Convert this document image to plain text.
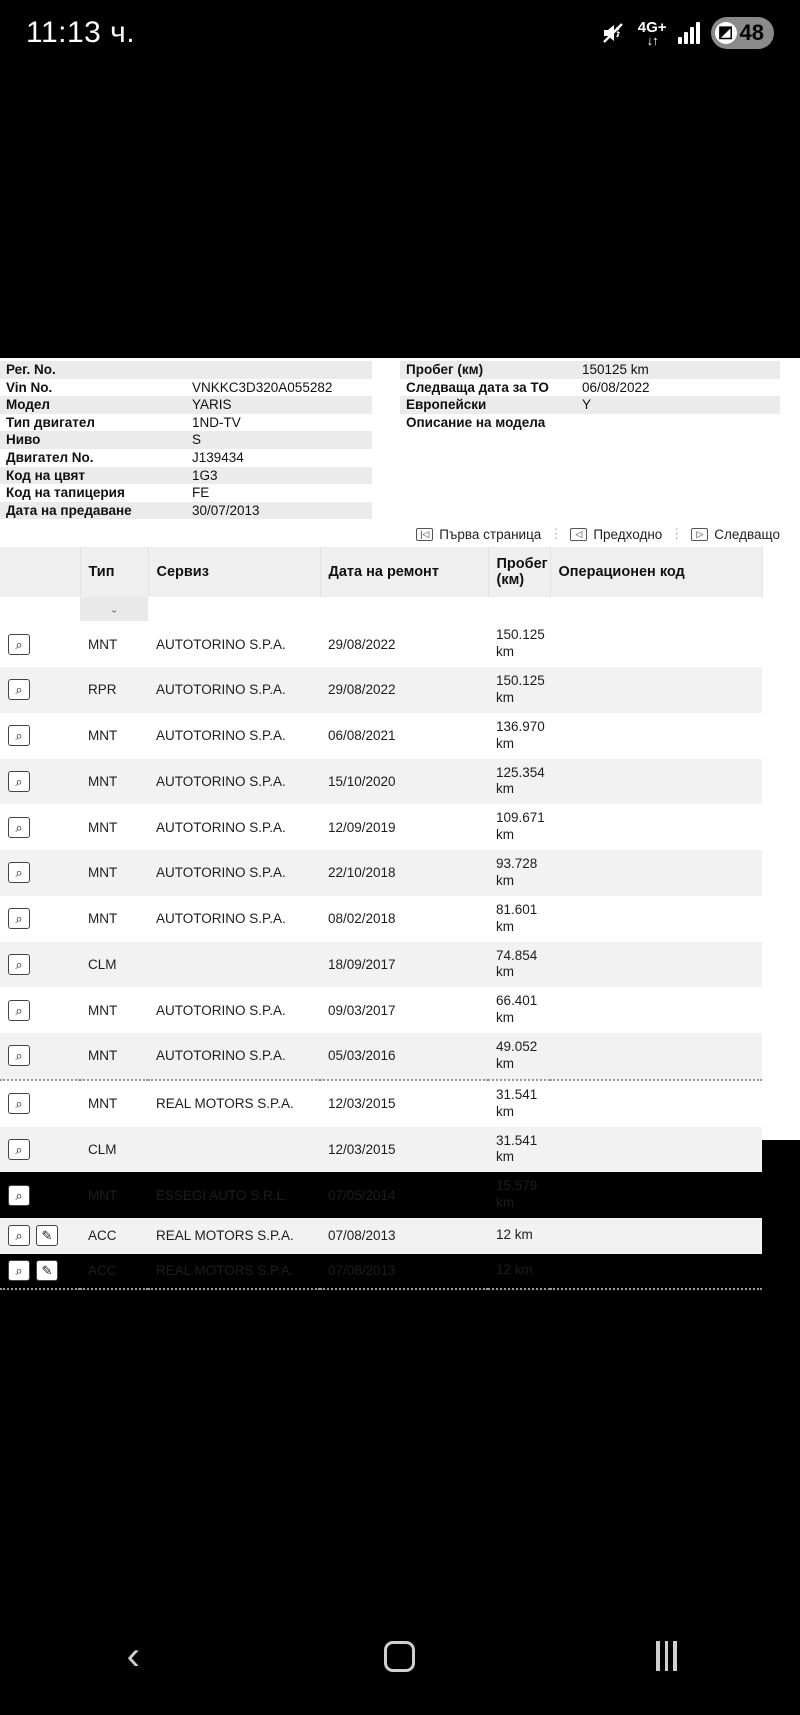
11:13 ч.	4G+
↓↑	◩ 48
Рег. No.
Vin No.	VNKKC3D320A055282
Модел	YARIS
Тип двигател	1ND-TV
Ниво	S
Двигател No.	J139434
Код на цвят	1G3
Код на тапицерия	FE
Дата на предаване	30/07/2013
Пробег (км)	150125 km
Следваща дата за ТО	06/08/2022
Европейски	Y
Описание на модела
|◁ Първа страница ⋮	◁ Предходно ⋮	▷ Следващо
	Тип	Сервиз	Дата на ремонт	Пробег (км)	Операционен код
	⌄				

⌕	MNT	AUTOTORINO S.P.A.	29/08/2022	150.125 km	

⌕	RPR	AUTOTORINO S.P.A.	29/08/2022	150.125 km	

⌕	MNT	AUTOTORINO S.P.A.	06/08/2021	136.970 km	

⌕	MNT	AUTOTORINO S.P.A.	15/10/2020	125.354 km	

⌕	MNT	AUTOTORINO S.P.A.	12/09/2019	109.671 km	

⌕	MNT	AUTOTORINO S.P.A.	22/10/2018	93.728 km	

⌕	MNT	AUTOTORINO S.P.A.	08/02/2018	81.601 km	

⌕	CLM		18/09/2017	74.854 km	

⌕	MNT	AUTOTORINO S.P.A.	09/03/2017	66.401 km	

⌕	MNT	AUTOTORINO S.P.A.	05/03/2016	49.052 km	

⌕	MNT	REAL MOTORS S.P.A.	12/03/2015	31.541 km	

⌕	CLM		12/03/2015	31.541 km	

⌕	MNT	ESSEGI AUTO S.R.L.	07/05/2014	15.579 km	

⌕ ✎	ACC	REAL MOTORS S.P.A.	07/08/2013	12 km	

⌕ ✎	ACC	REAL MOTORS S.P.A.	07/08/2013	12 km	
‹
